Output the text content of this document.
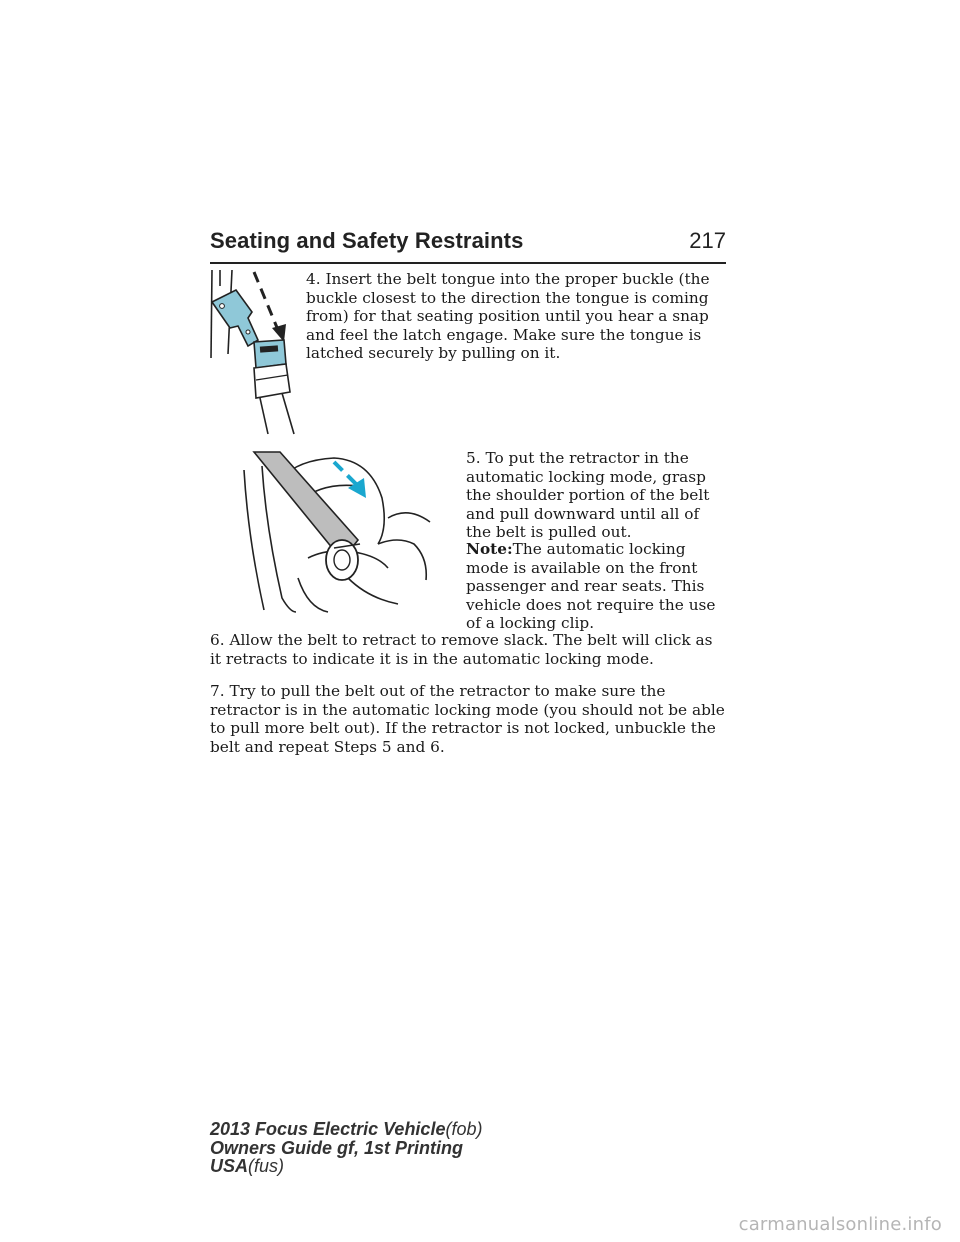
Seating and Safety Restraints	217

4. Insert the belt tongue into the proper buckle (the buckle closest to the direction the tongue is coming from) for that seating position until you hear a snap and feel the latch engage. Make sure the tongue is latched securely by pulling on it.

5. To put the retractor in the automatic locking mode, grasp the shoulder portion of the belt and pull downward until all of the belt is pulled out.

Note:The automatic locking mode is available on the front passenger and rear seats. This vehicle does not require the use of a locking clip.

6. Allow the belt to retract to remove slack. The belt will click as it retracts to indicate it is in the automatic locking mode.

7. Try to pull the belt out of the retractor to make sure the retractor is in the automatic locking mode (you should not be able to pull more belt out). If the retractor is not locked, unbuckle the belt and repeat Steps 5 and 6.

2013 Focus Electric Vehicle(fob)
Owners Guide gf, 1st Printing
USA(fus)
carmanualsonline.info
